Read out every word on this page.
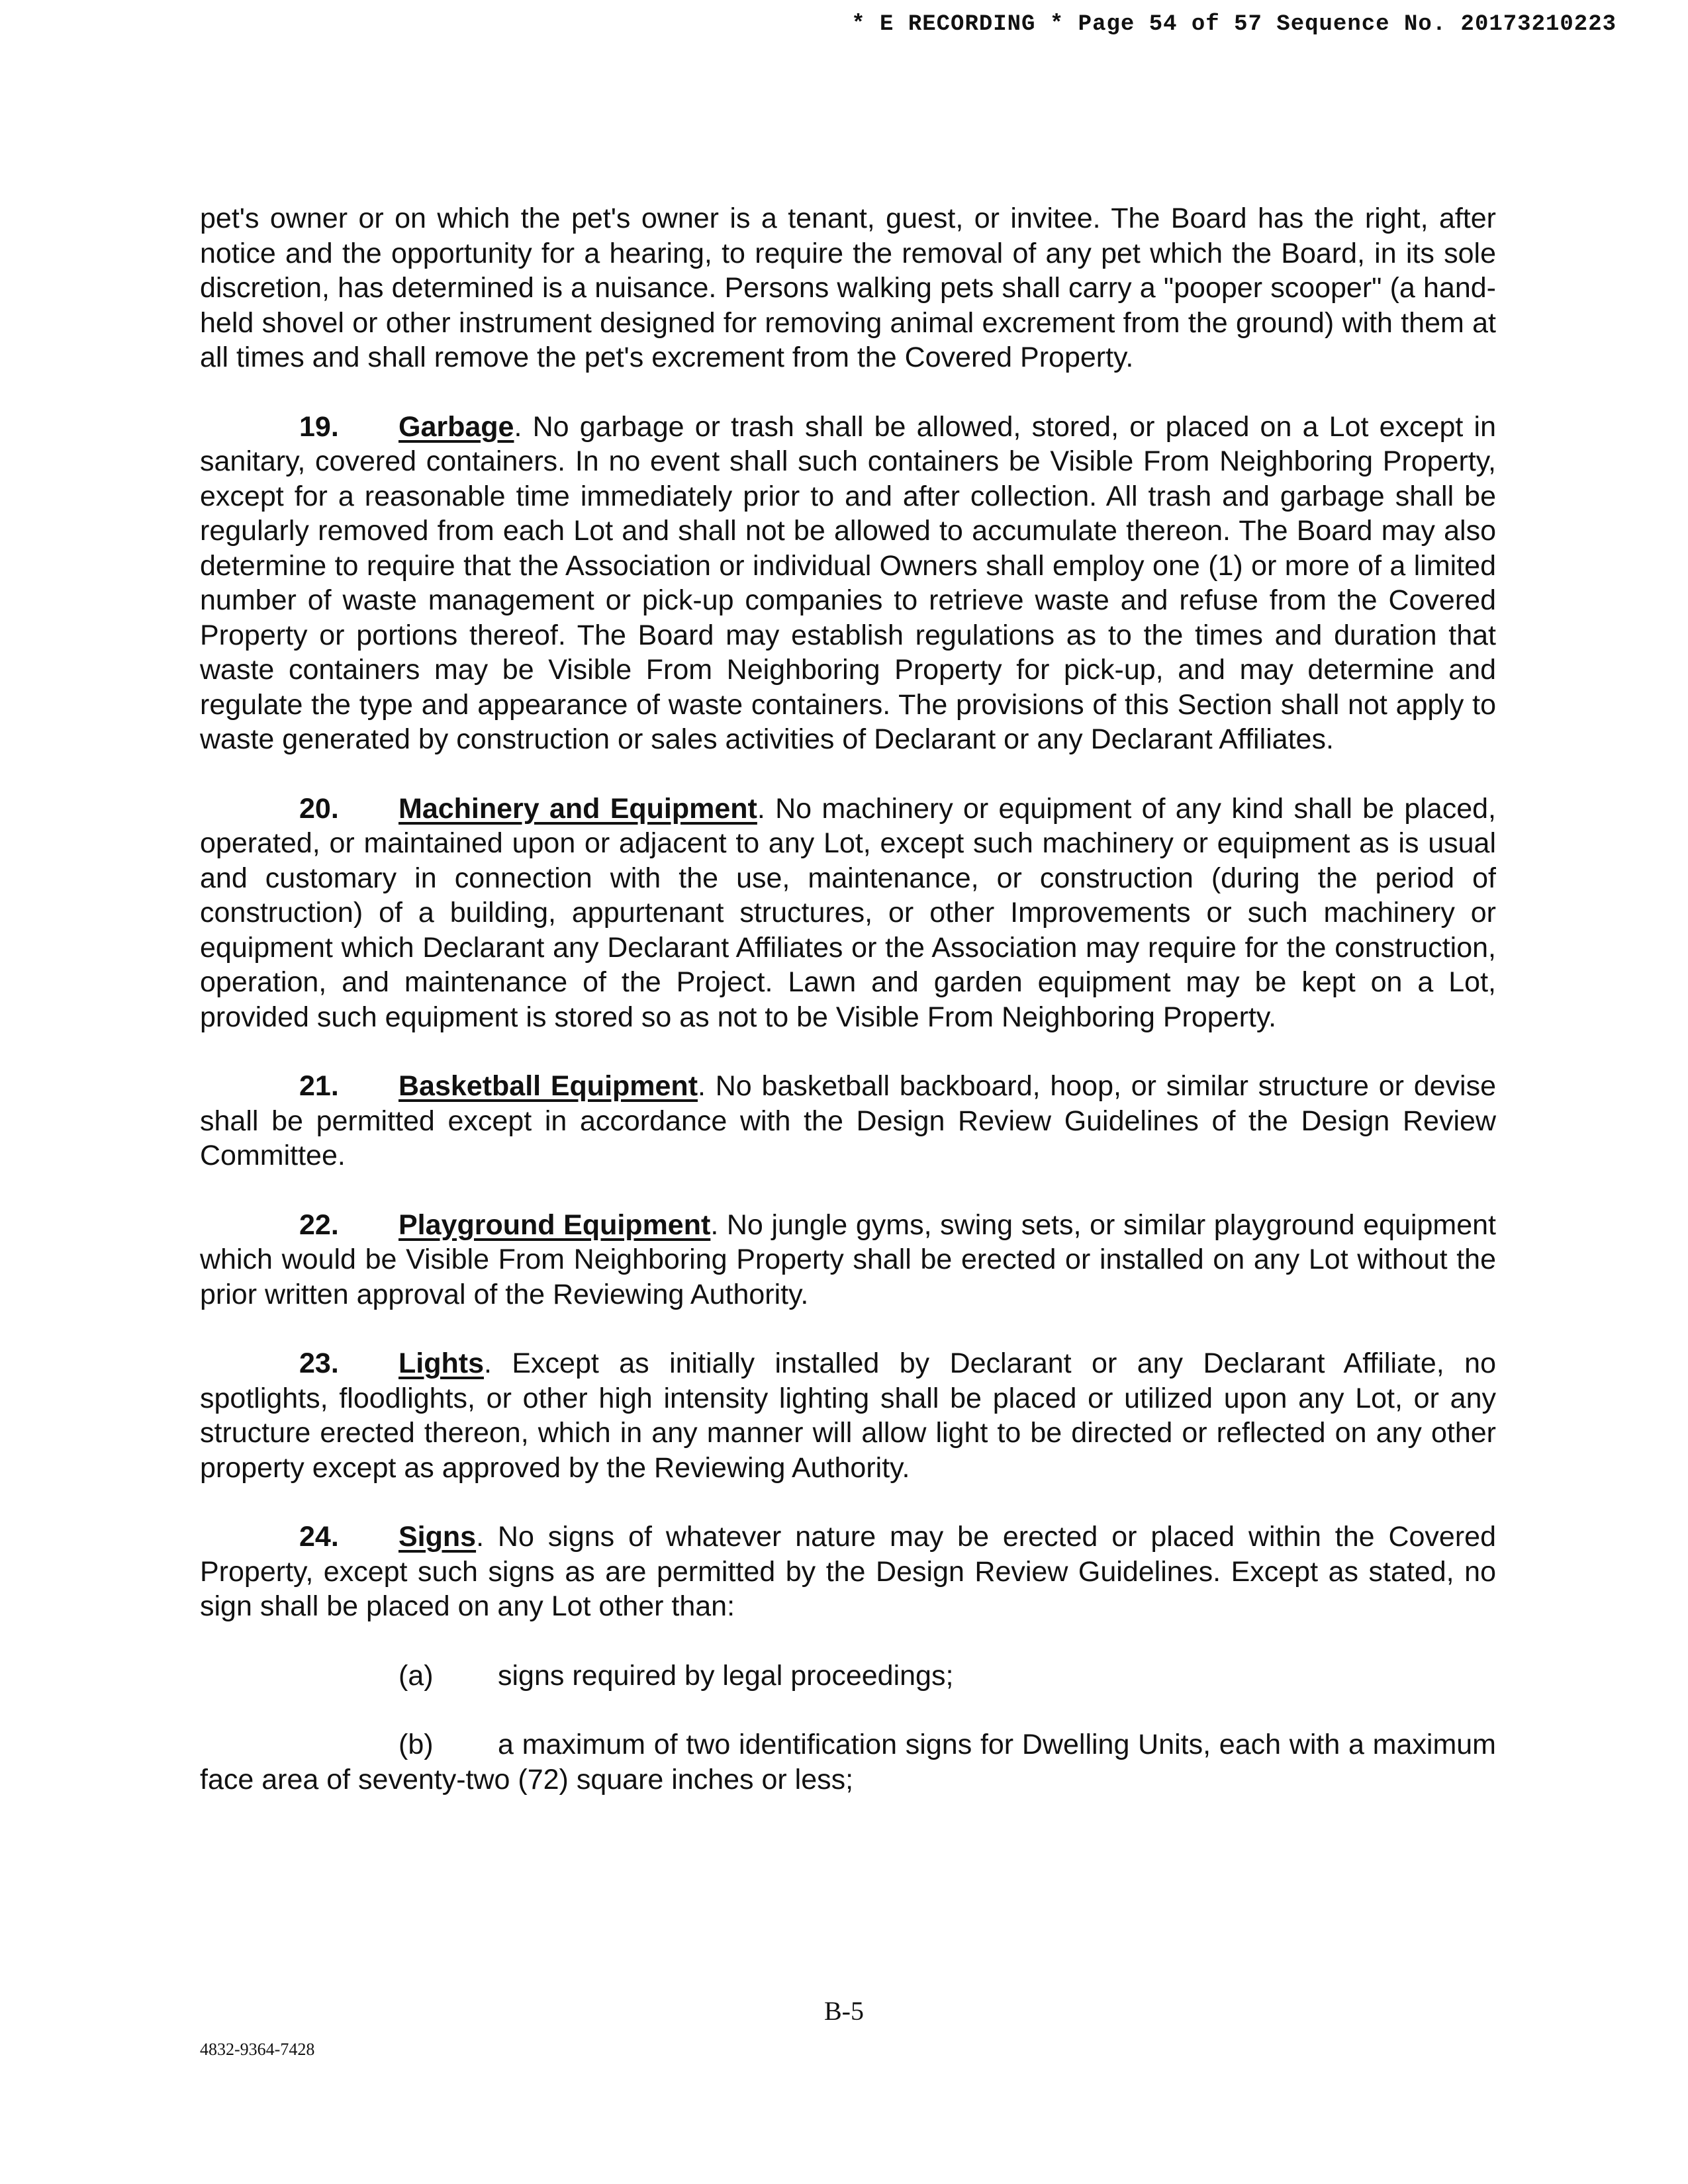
* E RECORDING * Page 54 of 57 Sequence No. 20173210223

pet's owner or on which the pet's owner is a tenant, guest, or invitee. The Board has the right, after notice and the opportunity for a hearing, to require the removal of any pet which the Board, in its sole discretion, has determined is a nuisance. Persons walking pets shall carry a "pooper scooper" (a hand-held shovel or other instrument designed for removing animal excrement from the ground) with them at all times and shall remove the pet's excrement from the Covered Property.

19. Garbage. No garbage or trash shall be allowed, stored, or placed on a Lot except in sanitary, covered containers. In no event shall such containers be Visible From Neighboring Property, except for a reasonable time immediately prior to and after collection. All trash and garbage shall be regularly removed from each Lot and shall not be allowed to accumulate thereon. The Board may also determine to require that the Association or individual Owners shall employ one (1) or more of a limited number of waste management or pick-up companies to retrieve waste and refuse from the Covered Property or portions thereof. The Board may establish regulations as to the times and duration that waste containers may be Visible From Neighboring Property for pick-up, and may determine and regulate the type and appearance of waste containers. The provisions of this Section shall not apply to waste generated by construction or sales activities of Declarant or any Declarant Affiliates.

20. Machinery and Equipment. No machinery or equipment of any kind shall be placed, operated, or maintained upon or adjacent to any Lot, except such machinery or equipment as is usual and customary in connection with the use, maintenance, or construction (during the period of construction) of a building, appurtenant structures, or other Improvements or such machinery or equipment which Declarant any Declarant Affiliates or the Association may require for the construction, operation, and maintenance of the Project. Lawn and garden equipment may be kept on a Lot, provided such equipment is stored so as not to be Visible From Neighboring Property.

21. Basketball Equipment. No basketball backboard, hoop, or similar structure or devise shall be permitted except in accordance with the Design Review Guidelines of the Design Review Committee.

22. Playground Equipment. No jungle gyms, swing sets, or similar playground equipment which would be Visible From Neighboring Property shall be erected or installed on any Lot without the prior written approval of the Reviewing Authority.

23. Lights. Except as initially installed by Declarant or any Declarant Affiliate, no spotlights, floodlights, or other high intensity lighting shall be placed or utilized upon any Lot, or any structure erected thereon, which in any manner will allow light to be directed or reflected on any other property except as approved by the Reviewing Authority.

24. Signs. No signs of whatever nature may be erected or placed within the Covered Property, except such signs as are permitted by the Design Review Guidelines. Except as stated, no sign shall be placed on any Lot other than:

(a) signs required by legal proceedings;

(b) a maximum of two identification signs for Dwelling Units, each with a maximum face area of seventy-two (72) square inches or less;

B-5
4832-9364-7428
